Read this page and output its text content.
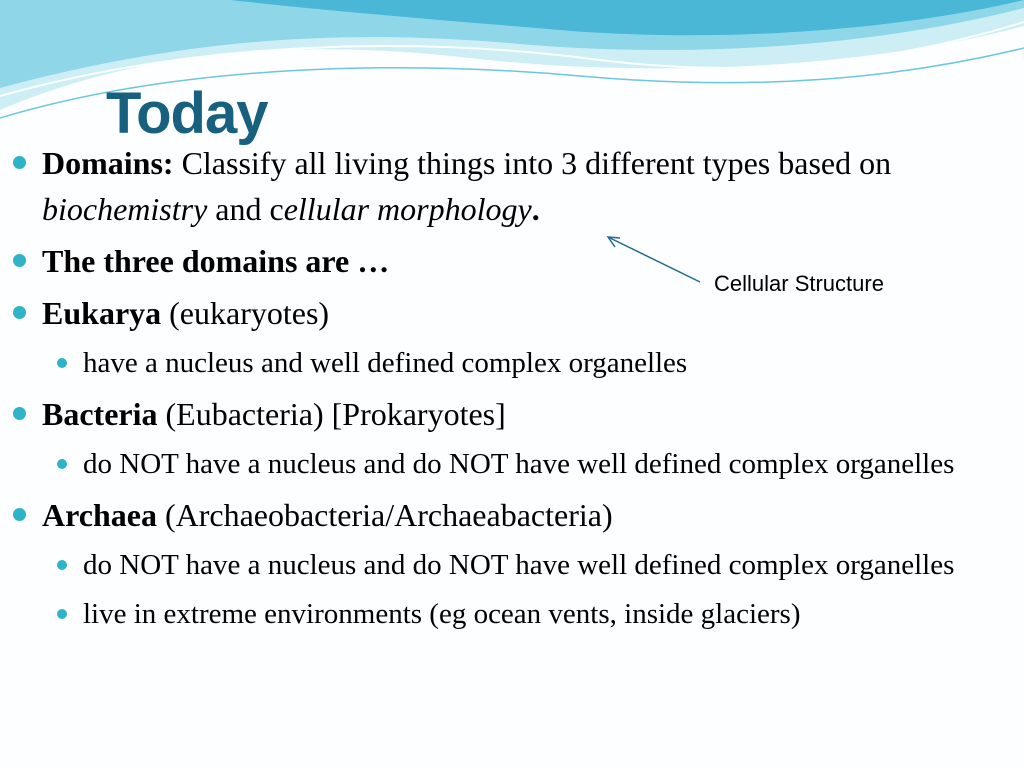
Today
Domains: Classify all living things into 3 different types based on biochemistry and cellular morphology.
The three domains are …
Eukarya (eukaryotes)
have a nucleus and well defined complex organelles
Bacteria (Eubacteria) [Prokaryotes]
do NOT have a nucleus and do NOT have well defined complex organelles
Archaea (Archaeobacteria/Archaeabacteria)
do NOT have a nucleus and do NOT have well defined complex organelles
live in extreme environments (eg ocean vents, inside glaciers)
Cellular Structure
